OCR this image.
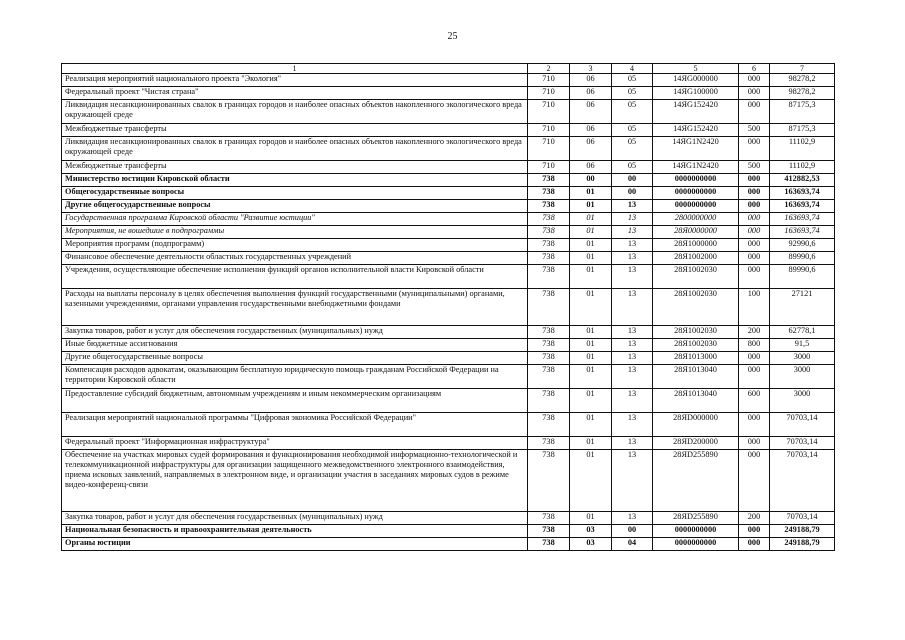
25
1	2	3	4	5	6	7
Реализация мероприятий национального проекта "Экология"	710	06	05	14ЯG000000	000	98278,2
Федеральный проект "Чистая страна"	710	06	05	14ЯG100000	000	98278,2
Ликвидация несанкционированных свалок в границах городов и наиболее опасных объектов накопленного экологического вреда окружающей среде	710	06	05	14ЯG152420	000	87175,3
Межбюджетные трансферты	710	06	05	14ЯG152420	500	87175,3
Ликвидация несанкционированных свалок в границах городов и наиболее опасных объектов накопленного экологического вреда окружающей среде	710	06	05	14ЯG1N2420	000	11102,9
Межбюджетные трансферты	710	06	05	14ЯG1N2420	500	11102,9
Министерство юстиции Кировской области	738	00	00	0000000000	000	412882,53
Общегосударственные вопросы	738	01	00	0000000000	000	163693,74
Другие общегосударственные вопросы	738	01	13	0000000000	000	163693,74
Государственная программа Кировской области "Развитие юстиции"	738	01	13	2800000000	000	163693,74
Мероприятия, не вошедшие в подпрограммы	738	01	13	28Я0000000	000	163693,74
Мероприятия программ (подпрограмм)	738	01	13	28Я1000000	000	92990,6
Финансовое обеспечение деятельности областных государственных учреждений	738	01	13	28Я1002000	000	89990,6
Учреждения, осуществляющие обеспечение исполнения функций органов исполнительной власти Кировской области	738	01	13	28Я1002030	000	89990,6
Расходы на выплаты персоналу в целях обеспечения выполнения функций государственными (муниципальными) органами, казенными учреждениями, органами управления государственными внебюджетными фондами	738	01	13	28Я1002030	100	27121
Закупка товаров, работ и услуг для обеспечения государственных (муниципальных) нужд	738	01	13	28Я1002030	200	62778,1
Иные бюджетные ассигнования	738	01	13	28Я1002030	800	91,5
Другие общегосударственные вопросы	738	01	13	28Я1013000	000	3000
Компенсация расходов адвокатам, оказывающим бесплатную юридическую помощь гражданам Российской Федерации на территории Кировской области	738	01	13	28Я1013040	000	3000
Предоставление субсидий бюджетным, автономным учреждениям и иным некоммерческим организациям	738	01	13	28Я1013040	600	3000
Реализация мероприятий национальной программы "Цифровая экономика Российской Федерации"	738	01	13	28ЯD000000	000	70703,14
Федеральный проект "Информационная инфраструктура"	738	01	13	28ЯD200000	000	70703,14
Обеспечение на участках мировых судей формирования и функционирования необходимой информационно-технологической и телекоммуникационной инфраструктуры для организации защищенного межведомственного электронного взаимодействия, приема исковых заявлений, направляемых в электронном виде, и организации участия в заседаниях мировых судов в режиме видео-конференц-связи	738	01	13	28ЯD255890	000	70703,14
Закупка товаров, работ и услуг для обеспечения государственных (муниципальных) нужд	738	01	13	28ЯD255890	200	70703,14
Национальная безопасность и правоохранительная деятельность	738	03	00	0000000000	000	249188,79
Органы юстиции	738	03	04	0000000000	000	249188,79
